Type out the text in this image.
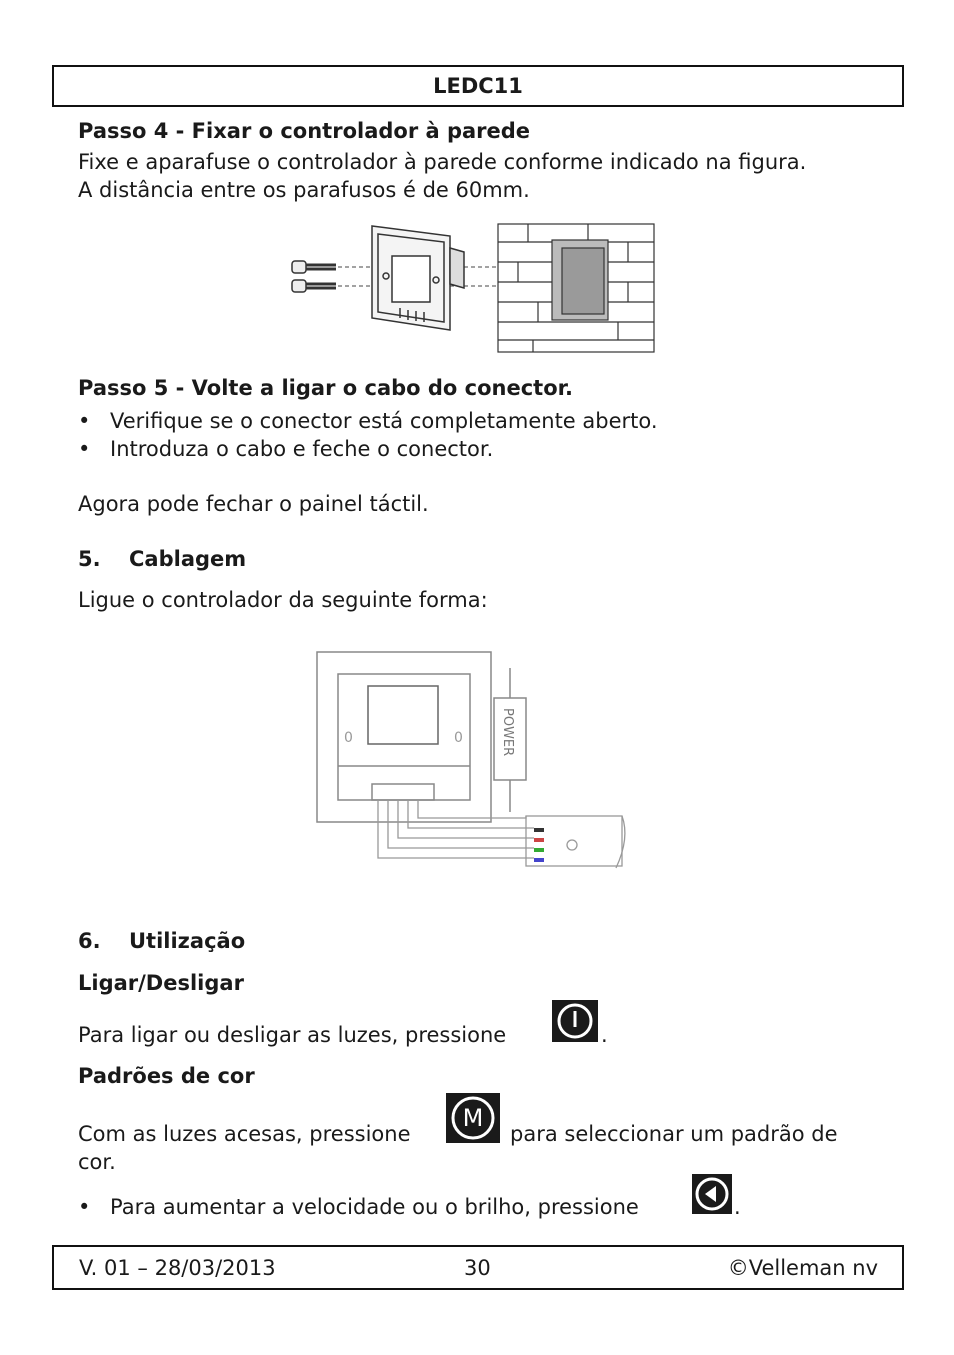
LEDC11
Passo 4 - Fixar o controlador à parede
Fixe e aparafuse o controlador à parede conforme indicado na figura.
A distância entre os parafusos é de 60mm.
Passo 5 - Volte a ligar o cabo do conector.
• Verifique se o conector está completamente aberto.
• Introduza o cabo e feche o conector.
Agora pode fechar o painel táctil.
5. Cablagem
Ligue o controlador da seguinte forma:
0	0	POWER
6. Utilização
Ligar/Desligar
Para ligar ou desligar as luzes, pressione	.
Padrões de cor
Com as luzes acesas, pressione
M
para seleccionar um padrão de
cor.
• Para aumentar a velocidade ou o brilho, pressione	.
V. 01 – 28/03/2013	30	©Velleman nv
